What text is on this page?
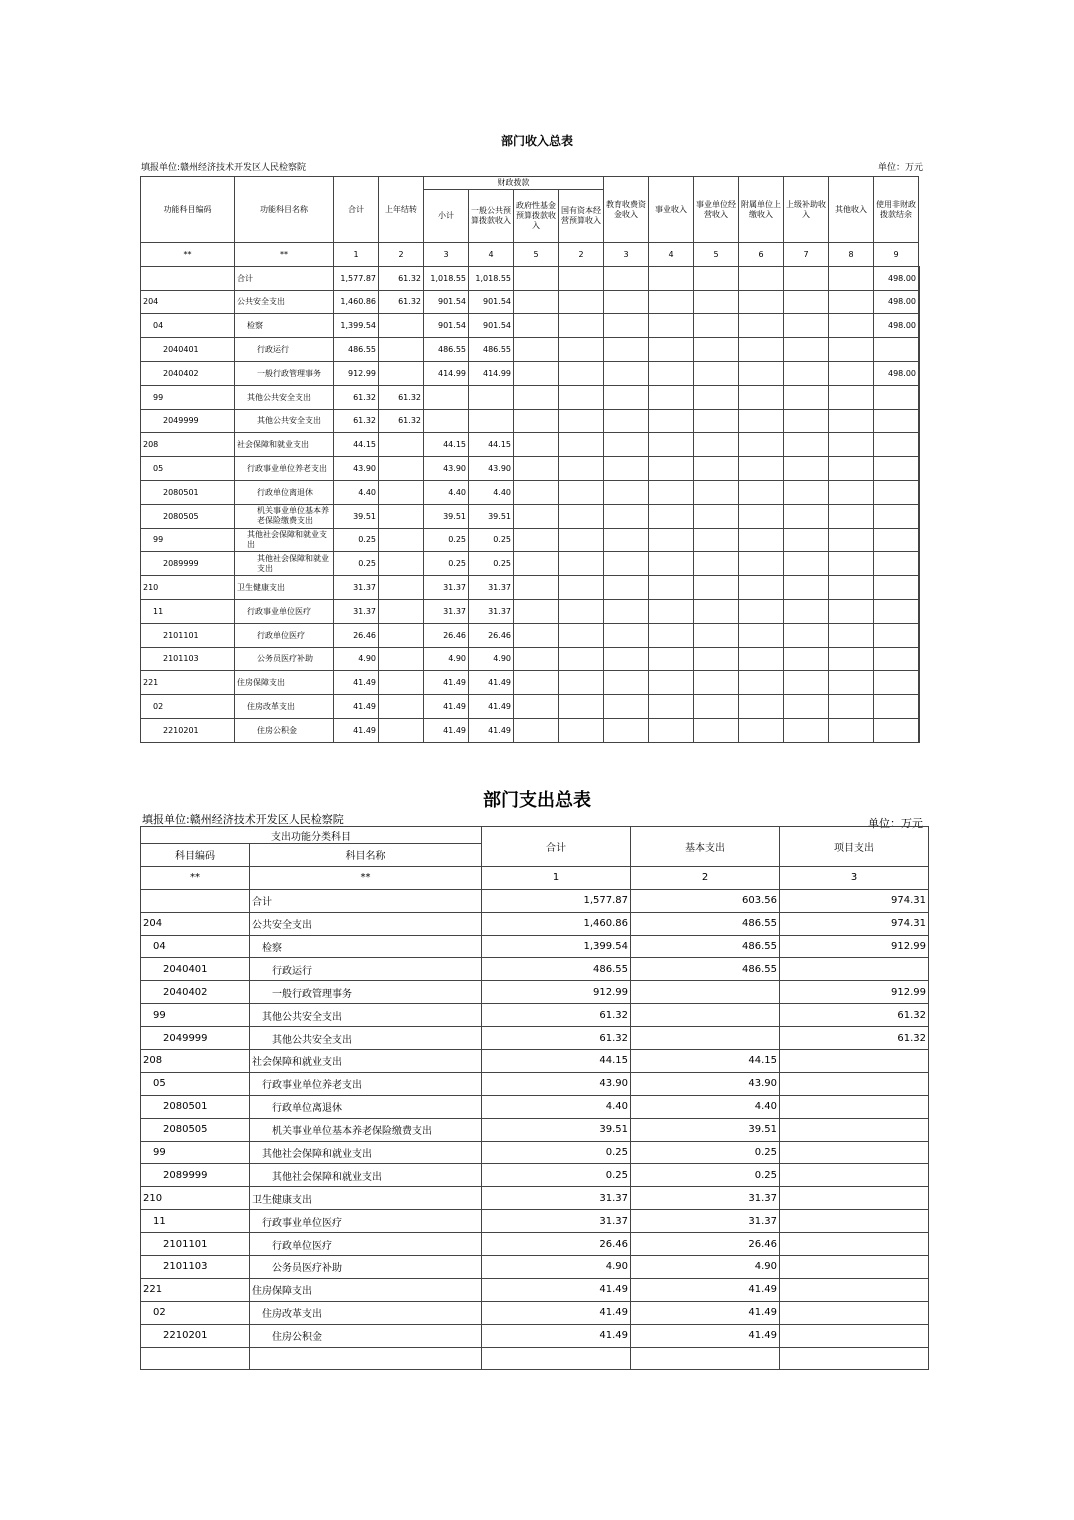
部门收入总表
填报单位:赣州经济技术开发区人民检察院	单位：万元
功能科目编码	功能科目名称	合计	上年结转	财政拨款				教育收费资金收入	事业收入	事业单位经营收入	附属单位上缴收入	上级补助收入	其他收入	使用非财政拨款结余	
				小计	一般公共预算拨款收入	政府性基金预算拨款收入	国有资本经营预算收入								
**	**	1	2	3	4	5	2	3	4	5	6	7	8	9	
	合计	1,577.87	61.32	1,018.55	1,018.55									498.00	
204	公共安全支出	1,460.86	61.32	901.54	901.54									498.00	
04	检察	1,399.54		901.54	901.54									498.00	
2040401	行政运行	486.55		486.55	486.55										
2040402	一般行政管理事务	912.99		414.99	414.99									498.00	
99	其他公共安全支出	61.32	61.32												
2049999	其他公共安全支出	61.32	61.32												
208	社会保障和就业支出	44.15		44.15	44.15										
05	行政事业单位养老支出	43.90		43.90	43.90										
2080501	行政单位离退休	4.40		4.40	4.40										
2080505	机关事业单位基本养老保险缴费支出	39.51		39.51	39.51										
99	其他社会保障和就业支出	0.25		0.25	0.25										
2089999	其他社会保障和就业支出	0.25		0.25	0.25										
210	卫生健康支出	31.37		31.37	31.37										
11	行政事业单位医疗	31.37		31.37	31.37										
2101101	行政单位医疗	26.46		26.46	26.46										
2101103	公务员医疗补助	4.90		4.90	4.90										
221	住房保障支出	41.49		41.49	41.49										
02	住房改革支出	41.49		41.49	41.49										
2210201	住房公积金	41.49		41.49	41.49										
部门支出总表
填报单位:赣州经济技术开发区人民检察院	单位：万元
支出功能分类科目		合计	基本支出	项目支出
科目编码	科目名称			
**	**	1	2	3
	合计	1,577.87	603.56	974.31
204	公共安全支出	1,460.86	486.55	974.31
04	检察	1,399.54	486.55	912.99
2040401	行政运行	486.55	486.55	
2040402	一般行政管理事务	912.99		912.99
99	其他公共安全支出	61.32		61.32
2049999	其他公共安全支出	61.32		61.32
208	社会保障和就业支出	44.15	44.15	
05	行政事业单位养老支出	43.90	43.90	
2080501	行政单位离退休	4.40	4.40	
2080505	机关事业单位基本养老保险缴费支出	39.51	39.51	
99	其他社会保障和就业支出	0.25	0.25	
2089999	其他社会保障和就业支出	0.25	0.25	
210	卫生健康支出	31.37	31.37	
11	行政事业单位医疗	31.37	31.37	
2101101	行政单位医疗	26.46	26.46	
2101103	公务员医疗补助	4.90	4.90	
221	住房保障支出	41.49	41.49	
02	住房改革支出	41.49	41.49	
2210201	住房公积金	41.49	41.49	
